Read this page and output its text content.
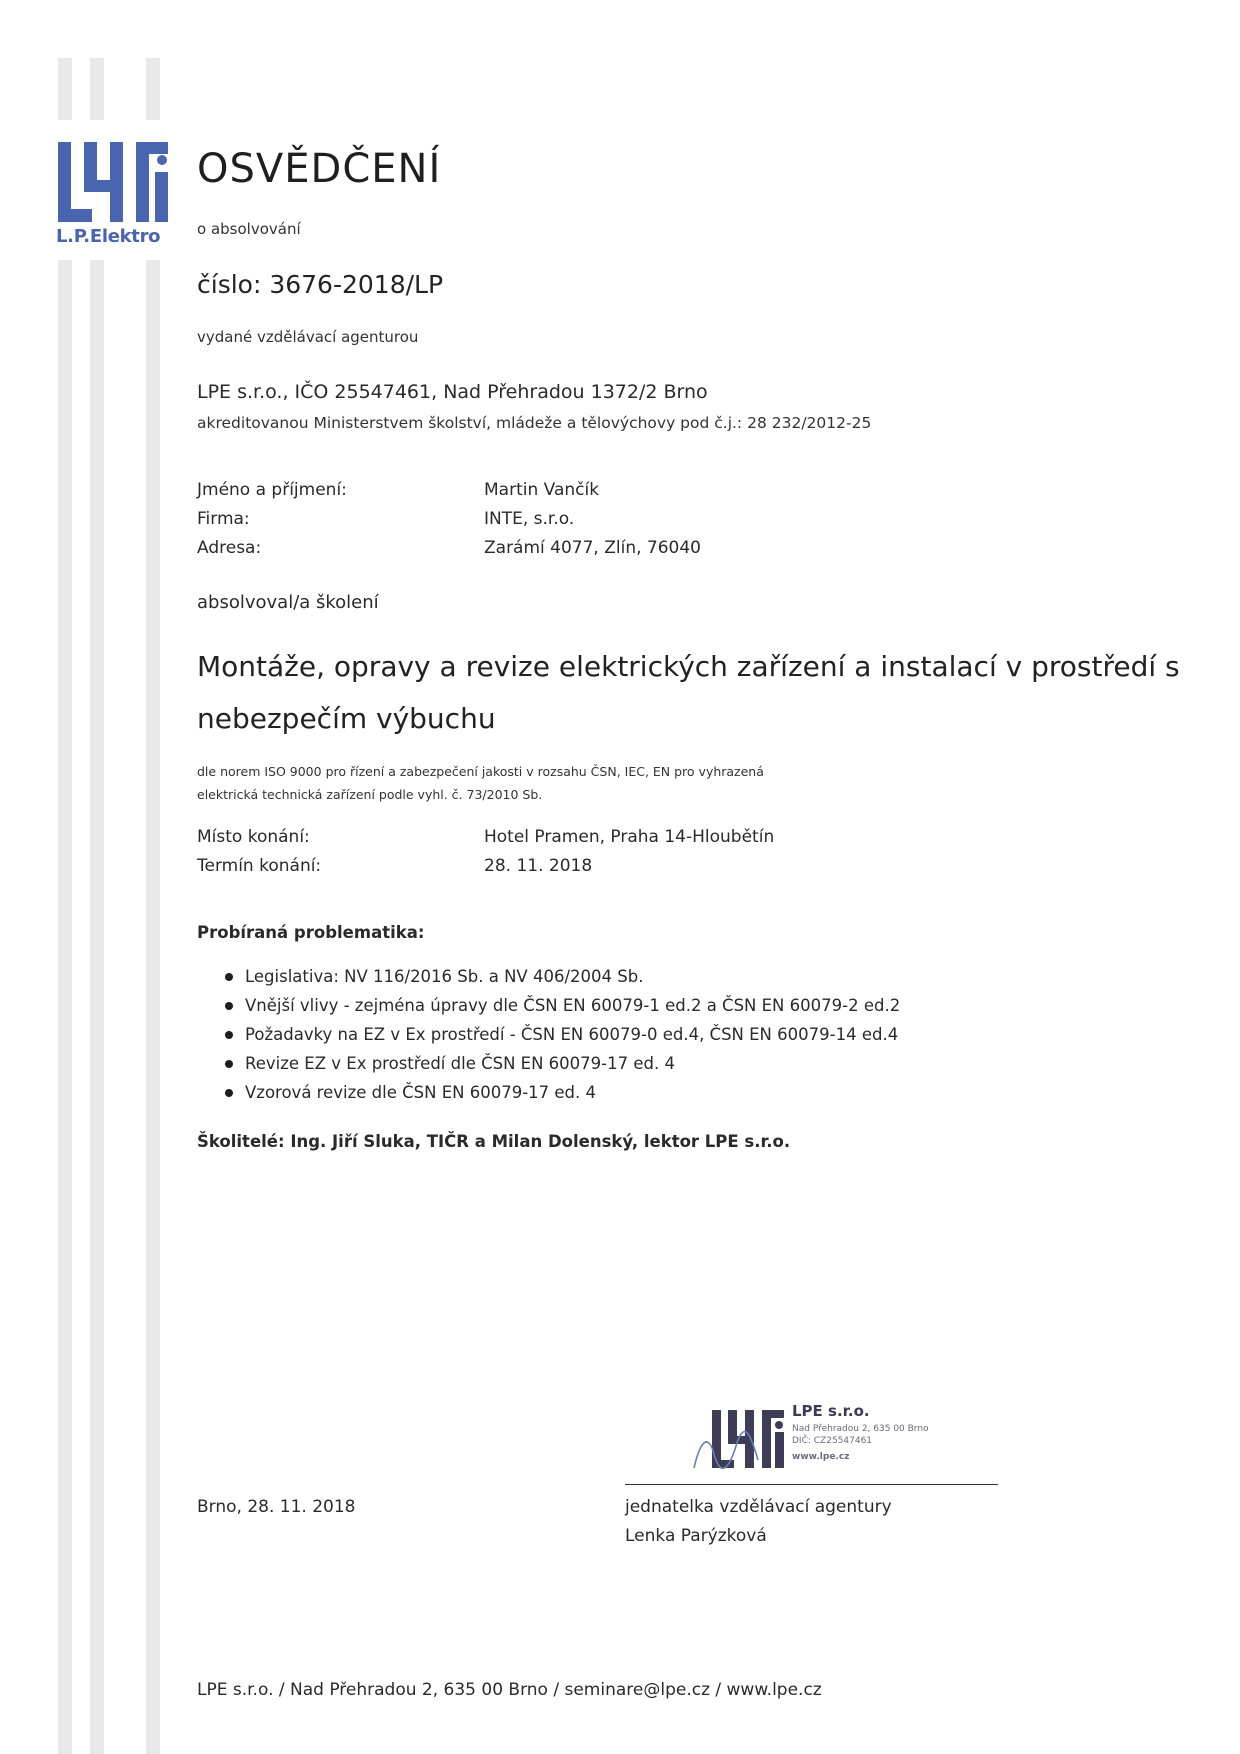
L.P.Elektro
OSVĚDČENÍ
o absolvování
číslo: 3676-2018/LP
vydané vzdělávací agenturou
LPE s.r.o., IČO 25547461, Nad Přehradou 1372/2 Brno
akreditovanou Ministerstvem školství, mládeže a tělovýchovy pod č.j.: 28 232/2012-25
Jméno a příjmení:	Martin Vančík
Firma:	INTE, s.r.o.
Adresa:	Zarámí 4077, Zlín, 76040
absolvoval/a školení
Montáže, opravy a revize elektrických zařízení a instalací v prostředí s nebezpečím výbuchu
dle norem ISO 9000 pro řízení a zabezpečení jakosti v rozsahu ČSN, IEC, EN pro vyhrazená
elektrická technická zařízení podle vyhl. č. 73/2010 Sb.
Místo konání:	Hotel Pramen, Praha 14-Hloubětín
Termín konání:	28. 11. 2018
Probíraná problematika:
Legislativa: NV 116/2016 Sb. a NV 406/2004 Sb.
Vnější vlivy - zejména úpravy dle ČSN EN 60079-1 ed.2 a ČSN EN 60079-2 ed.2
Požadavky na EZ v Ex prostředí - ČSN EN 60079-0 ed.4, ČSN EN 60079-14 ed.4
Revize EZ v Ex prostředí dle ČSN EN 60079-17 ed. 4
Vzorová revize dle ČSN EN 60079-17 ed. 4
Školitelé: Ing. Jiří Sluka, TIČR a Milan Dolenský, lektor LPE s.r.o.
LPE s.r.o.
Nad Přehradou 2, 635 00 Brno
DIČ: CZ25547461
www.lpe.cz
Brno, 28. 11. 2018	jednatelka vzdělávací agentury
Lenka Parýzková
LPE s.r.o. / Nad Přehradou 2, 635 00 Brno / seminare@lpe.cz / www.lpe.cz
